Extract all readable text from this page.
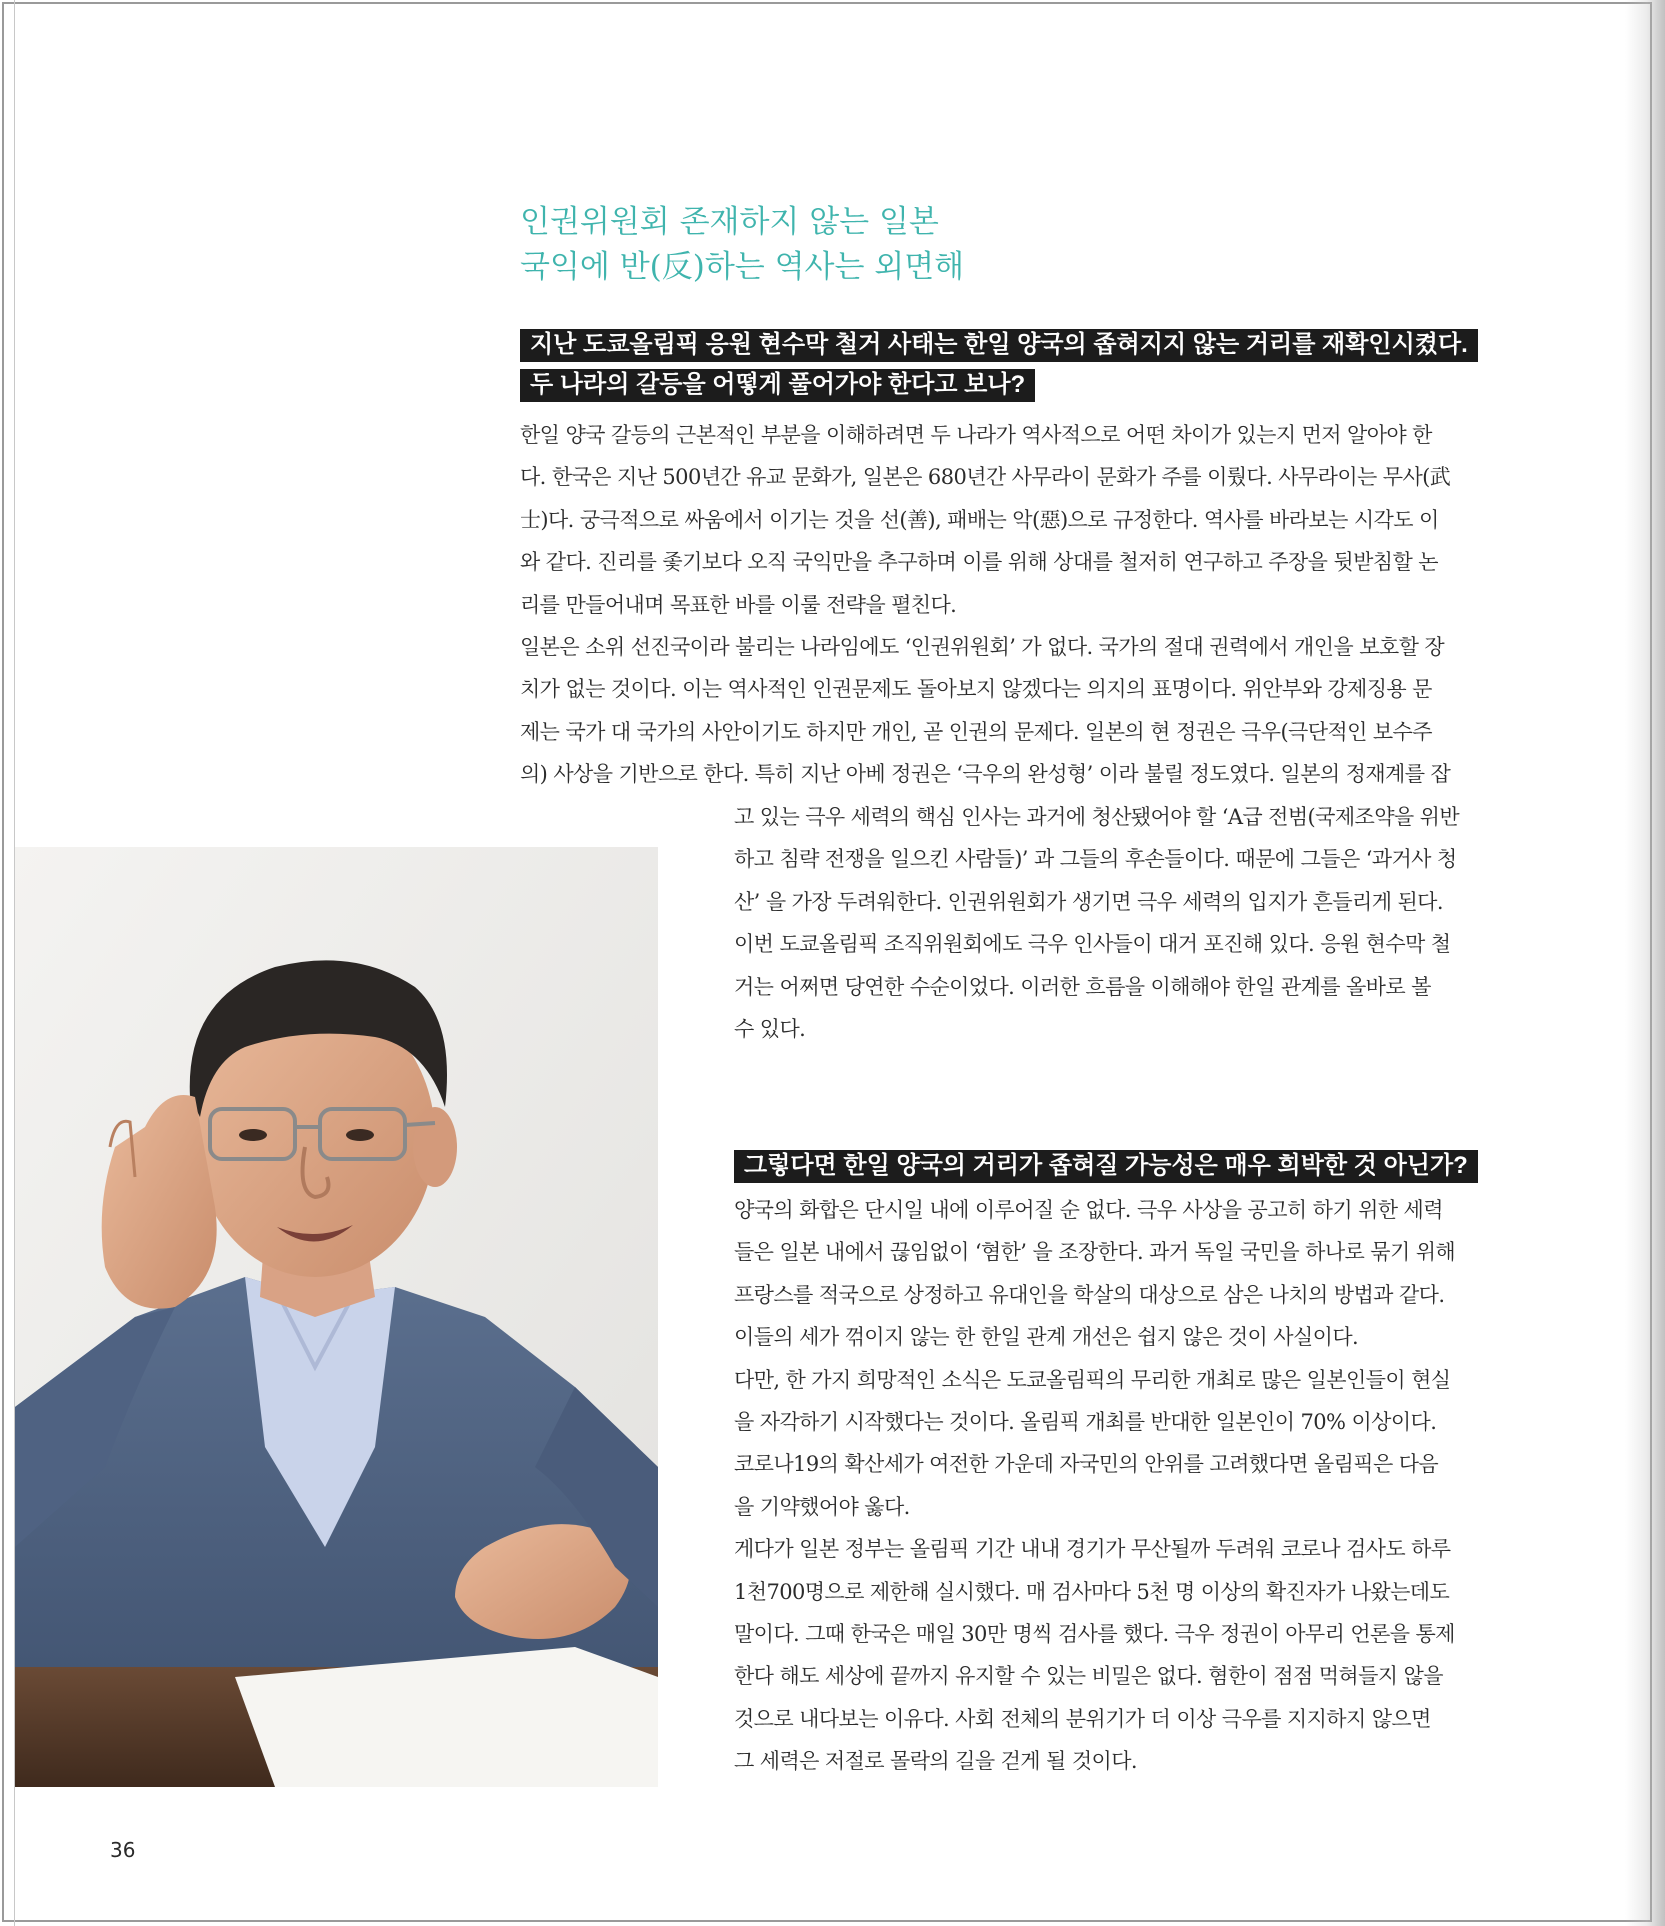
인권위원회 존재하지 않는 일본
국익에 반(反)하는 역사는 외면해
지난 도쿄올림픽 응원 현수막 철거 사태는 한일 양국의 좁혀지지 않는 거리를 재확인시켰다.
두 나라의 갈등을 어떻게 풀어가야 한다고 보나?
한일 양국 갈등의 근본적인 부분을 이해하려면 두 나라가 역사적으로 어떤 차이가 있는지 먼저 알아야 한
다. 한국은 지난 500년간 유교 문화가, 일본은 680년간 사무라이 문화가 주를 이뤘다. 사무라이는 무사(武
士)다. 궁극적으로 싸움에서 이기는 것을 선(善), 패배는 악(惡)으로 규정한다. 역사를 바라보는 시각도 이
와 같다. 진리를 좇기보다 오직 국익만을 추구하며 이를 위해 상대를 철저히 연구하고 주장을 뒷받침할 논
리를 만들어내며 목표한 바를 이룰 전략을 펼친다.
일본은 소위 선진국이라 불리는 나라임에도 ‘인권위원회’ 가 없다. 국가의 절대 권력에서 개인을 보호할 장
치가 없는 것이다. 이는 역사적인 인권문제도 돌아보지 않겠다는 의지의 표명이다. 위안부와 강제징용 문
제는 국가 대 국가의 사안이기도 하지만 개인, 곧 인권의 문제다. 일본의 현 정권은 극우(극단적인 보수주
의) 사상을 기반으로 한다. 특히 지난 아베 정권은 ‘극우의 완성형’ 이라 불릴 정도였다. 일본의 정재계를 잡
고 있는 극우 세력의 핵심 인사는 과거에 청산됐어야 할 ‘A급 전범(국제조약을 위반
하고 침략 전쟁을 일으킨 사람들)’ 과 그들의 후손들이다. 때문에 그들은 ‘과거사 청
산’ 을 가장 두려워한다. 인권위원회가 생기면 극우 세력의 입지가 흔들리게 된다.
이번 도쿄올림픽 조직위원회에도 극우 인사들이 대거 포진해 있다. 응원 현수막 철
거는 어쩌면 당연한 수순이었다. 이러한 흐름을 이해해야 한일 관계를 올바로 볼
수 있다.
그렇다면 한일 양국의 거리가 좁혀질 가능성은 매우 희박한 것 아닌가?
양국의 화합은 단시일 내에 이루어질 순 없다. 극우 사상을 공고히 하기 위한 세력
들은 일본 내에서 끊임없이 ‘혐한’ 을 조장한다. 과거 독일 국민을 하나로 묶기 위해
프랑스를 적국으로 상정하고 유대인을 학살의 대상으로 삼은 나치의 방법과 같다.
이들의 세가 꺾이지 않는 한 한일 관계 개선은 쉽지 않은 것이 사실이다.
다만, 한 가지 희망적인 소식은 도쿄올림픽의 무리한 개최로 많은 일본인들이 현실
을 자각하기 시작했다는 것이다. 올림픽 개최를 반대한 일본인이 70% 이상이다.
코로나19의 확산세가 여전한 가운데 자국민의 안위를 고려했다면 올림픽은 다음
을 기약했어야 옳다.
게다가 일본 정부는 올림픽 기간 내내 경기가 무산될까 두려워 코로나 검사도 하루
1천700명으로 제한해 실시했다. 매 검사마다 5천 명 이상의 확진자가 나왔는데도
말이다. 그때 한국은 매일 30만 명씩 검사를 했다. 극우 정권이 아무리 언론을 통제
한다 해도 세상에 끝까지 유지할 수 있는 비밀은 없다. 혐한이 점점 먹혀들지 않을
것으로 내다보는 이유다. 사회 전체의 분위기가 더 이상 극우를 지지하지 않으면
그 세력은 저절로 몰락의 길을 걷게 될 것이다.
36
